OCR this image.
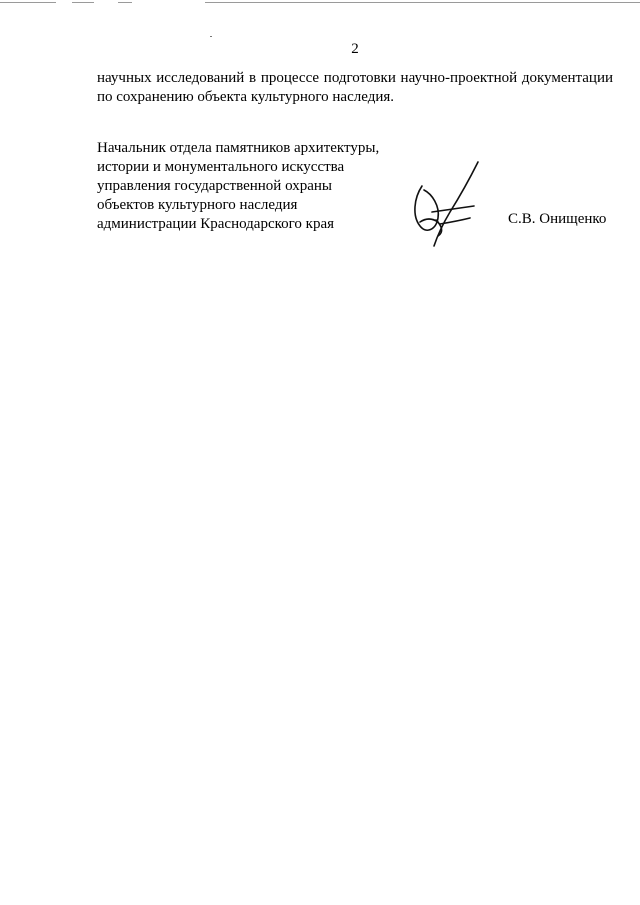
2
научных исследований в процессе подготовки научно-проектной документации
по сохранению объекта культурного наследия.
Начальник отдела памятников архитектуры,
истории и монументального искусства
управления государственной охраны
объектов культурного наследия
администрации Краснодарского края	С.В. Онищенко
